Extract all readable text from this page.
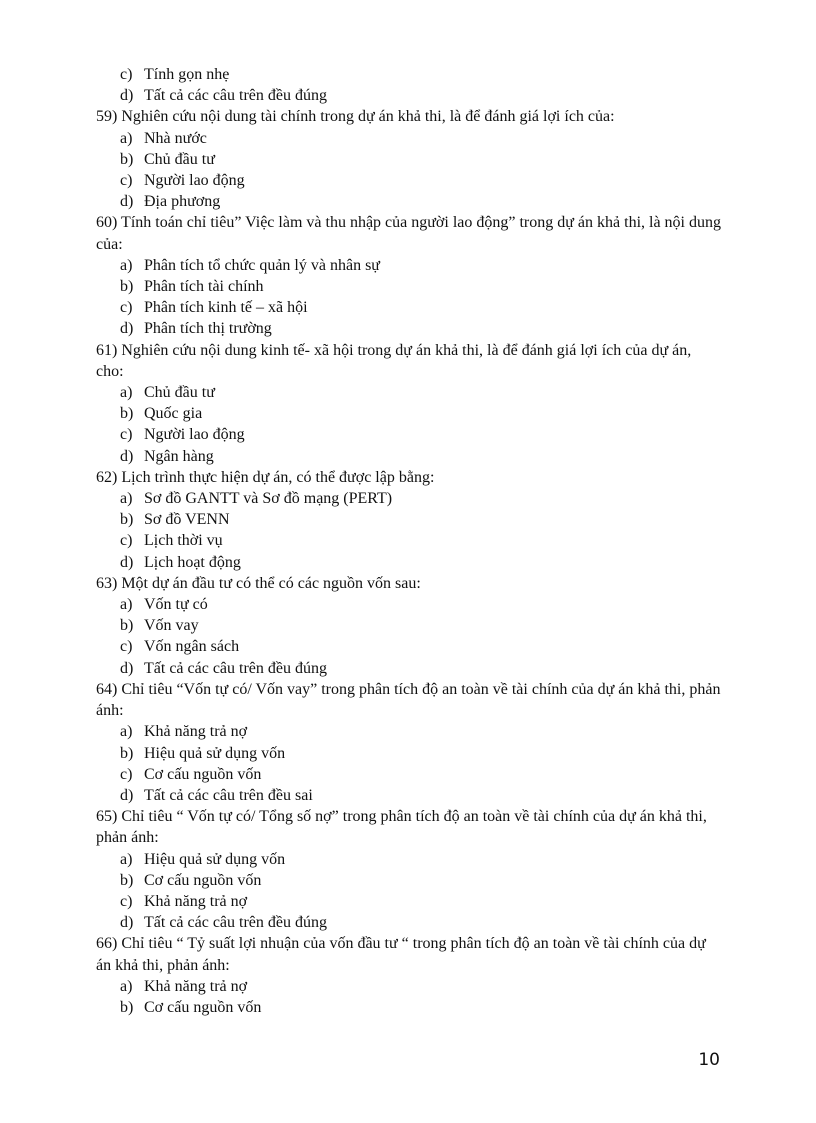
c) Tính gọn nhẹ
d) Tất cả các câu trên đều đúng

59) Nghiên cứu nội dung tài chính trong dự án khả thi, là để đánh giá lợi ích của:

a) Nhà nước
b) Chủ đầu tư
c) Người lao động
d) Địa phương

60) Tính toán chỉ tiêu” Việc làm và thu nhập của người lao động” trong dự án khả thi, là nội dung của:

a) Phân tích tổ chức quản lý và nhân sự
b) Phân tích tài chính
c) Phân tích kinh tế – xã hội
d) Phân tích thị trường

61) Nghiên cứu nội dung kinh tế- xã hội trong dự án khả thi, là để đánh giá lợi ích của dự án, cho:

a) Chủ đầu tư
b) Quốc gia
c) Người lao động
d) Ngân hàng

62) Lịch trình thực hiện dự án, có thể được lập bằng:

a) Sơ đồ GANTT và Sơ đồ mạng (PERT)
b) Sơ đồ VENN
c) Lịch thời vụ
d) Lịch hoạt động

63) Một dự án đầu tư có thể có các nguồn vốn sau:

a) Vốn tự có
b) Vốn vay
c) Vốn ngân sách
d) Tất cả các câu trên đều đúng

64) Chỉ tiêu “Vốn tự có/ Vốn vay” trong phân tích độ an toàn về tài chính của dự án khả thi, phản ánh:

a) Khả năng trả nợ
b) Hiệu quả sử dụng vốn
c) Cơ cấu nguồn vốn
d) Tất cả các câu trên đều sai

65) Chỉ tiêu “ Vốn tự có/ Tổng số nợ” trong phân tích độ an toàn về tài chính của dự án khả thi, phản ánh:

a) Hiệu quả sử dụng vốn
b) Cơ cấu nguồn vốn
c) Khả năng trả nợ
d) Tất cả các câu trên đều đúng

66) Chỉ tiêu “ Tỷ suất lợi nhuận của vốn đầu tư “ trong phân tích độ an toàn về tài chính của dự án khả thi, phản ánh:

a) Khả năng trả nợ
b) Cơ cấu nguồn vốn
10
